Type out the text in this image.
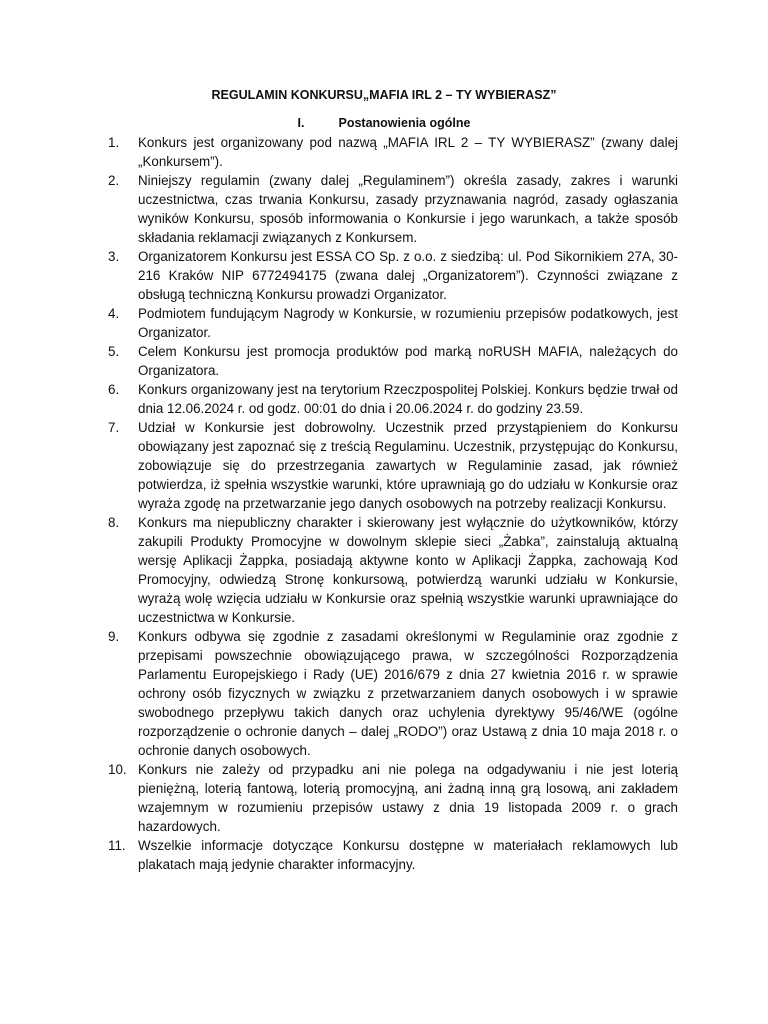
REGULAMIN KONKURSU„MAFIA IRL 2 – TY WYBIERASZ”
I.	Postanowienia ogólne
1.	Konkurs jest organizowany pod nazwą „MAFIA IRL 2 – TY WYBIERASZ” (zwany dalej „Konkursem”).
2.	Niniejszy regulamin (zwany dalej „Regulaminem”) określa zasady, zakres i warunki uczestnictwa, czas trwania Konkursu, zasady przyznawania nagród, zasady ogłaszania wyników Konkursu, sposób informowania o Konkursie i jego warunkach, a także sposób składania reklamacji związanych z Konkursem.
3.	Organizatorem Konkursu jest ESSA CO Sp. z o.o. z siedzibą: ul. Pod Sikornikiem 27A, 30-216 Kraków NIP 6772494175 (zwana dalej „Organizatorem”). Czynności związane z obsługą techniczną Konkursu prowadzi Organizator.
4.	Podmiotem fundującym Nagrody w Konkursie, w rozumieniu przepisów podatkowych, jest Organizator.
5.	Celem Konkursu jest promocja produktów pod marką noRUSH MAFIA, należących do Organizatora.
6.	Konkurs organizowany jest na terytorium Rzeczpospolitej Polskiej. Konkurs będzie trwał od dnia 12.06.2024 r. od godz. 00:01 do dnia i 20.06.2024 r. do godziny 23.59.
7.	Udział w Konkursie jest dobrowolny. Uczestnik przed przystąpieniem do Konkursu obowiązany jest zapoznać się z treścią Regulaminu. Uczestnik, przystępując do Konkursu, zobowiązuje się do przestrzegania zawartych w Regulaminie zasad, jak również potwierdza, iż spełnia wszystkie warunki, które uprawniają go do udziału w Konkursie oraz wyraża zgodę na przetwarzanie jego danych osobowych na potrzeby realizacji Konkursu.
8.	Konkurs ma niepubliczny charakter i skierowany jest wyłącznie do użytkowników, którzy zakupili Produkty Promocyjne w dowolnym sklepie sieci „Żabka”, zainstalują aktualną wersję Aplikacji Żappka, posiadają aktywne konto w Aplikacji Żappka, zachowają Kod Promocyjny, odwiedzą Stronę konkursową, potwierdzą warunki udziału w Konkursie, wyrażą wolę wzięcia udziału w Konkursie oraz spełnią wszystkie warunki uprawniające do uczestnictwa w Konkursie.
9.	Konkurs odbywa się zgodnie z zasadami określonymi w Regulaminie oraz zgodnie z przepisami powszechnie obowiązującego prawa, w szczególności Rozporządzenia Parlamentu Europejskiego i Rady (UE) 2016/679 z dnia 27 kwietnia 2016 r. w sprawie ochrony osób fizycznych w związku z przetwarzaniem danych osobowych i w sprawie swobodnego przepływu takich danych oraz uchylenia dyrektywy 95/46/WE (ogólne rozporządzenie o ochronie danych – dalej „RODO”) oraz Ustawą z dnia 10 maja 2018 r. o ochronie danych osobowych.
10. Konkurs nie zależy od przypadku ani nie polega na odgadywaniu i nie jest loterią pieniężną, loterią fantową, loterią promocyjną, ani żadną inną grą losową, ani zakładem wzajemnym w rozumieniu przepisów ustawy z dnia 19 listopada 2009 r. o grach hazardowych.
11. Wszelkie informacje dotyczące Konkursu dostępne w materiałach reklamowych lub plakatach mają jedynie charakter informacyjny.
